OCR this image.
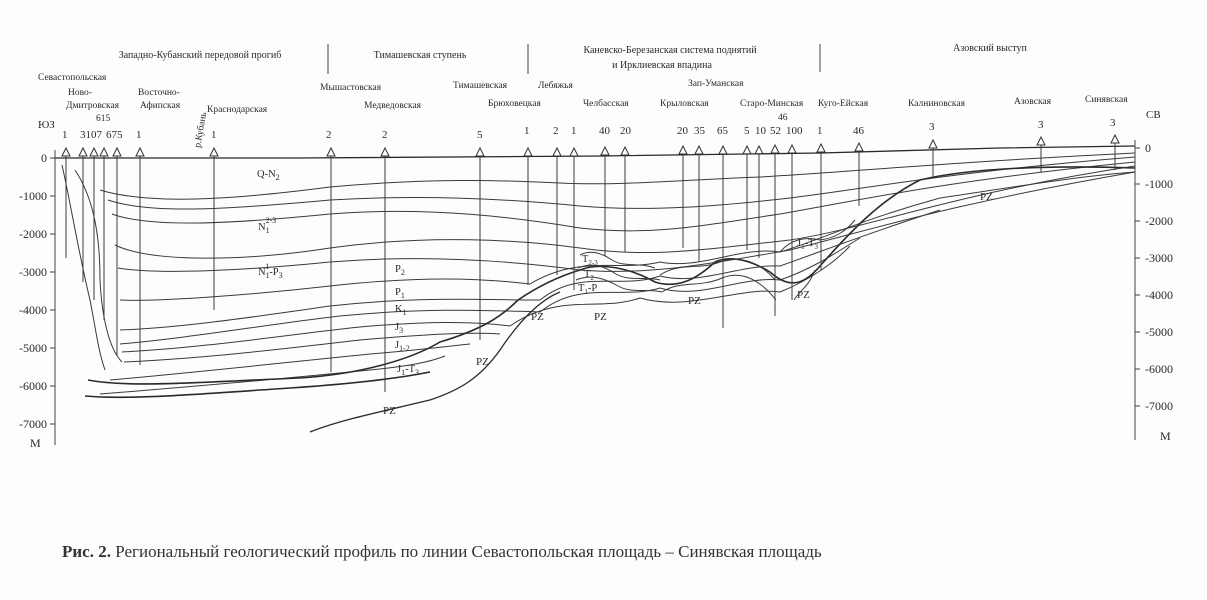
Западно-Кубанский передовой прогиб	Тимашевская ступень	Каневско-Березанская система поднятий
и Ирклиевская впадина
Азовский выступ
Севастопольская
Ново-
Дмитровская
615
Восточно-
Афипская
р.Кубань
Краснодарская
Мышастовская
Медведовская
Тимашевская
Брюховецкая
Лебяжья
Челбасская	Крыловская
Зап-Уманская
Старо-Минская
46
Куго-Ейская	Калниновская	Азовская	Синявская
ЮЗ
СВ
1 3107 675 1	1	2	2	5	1 2 1 40 20	20 35 65 5 10 52 100 1	46	3	3	3
0
-1000
-2000
-3000
-4000
-5000
-6000
-7000
М
0
-1000
-2000
-3000
-4000
-5000
-6000
-7000
М
$Q-N_2$
$N_12-3$
$N_11-P_3$
$P_2$
$P_1$
$K_1$
$J_3$
$J_{1-2}$
$J_1-T_3$
$T_{2-3}$
$T_2$
$T_1-P$
$J_1-T_3$
PZ	PZ
PZ	PZ
PZ
PZ
PZ
Рис. 2. Региональный геологический профиль по линии Севастопольская площадь – Синявская площадь
